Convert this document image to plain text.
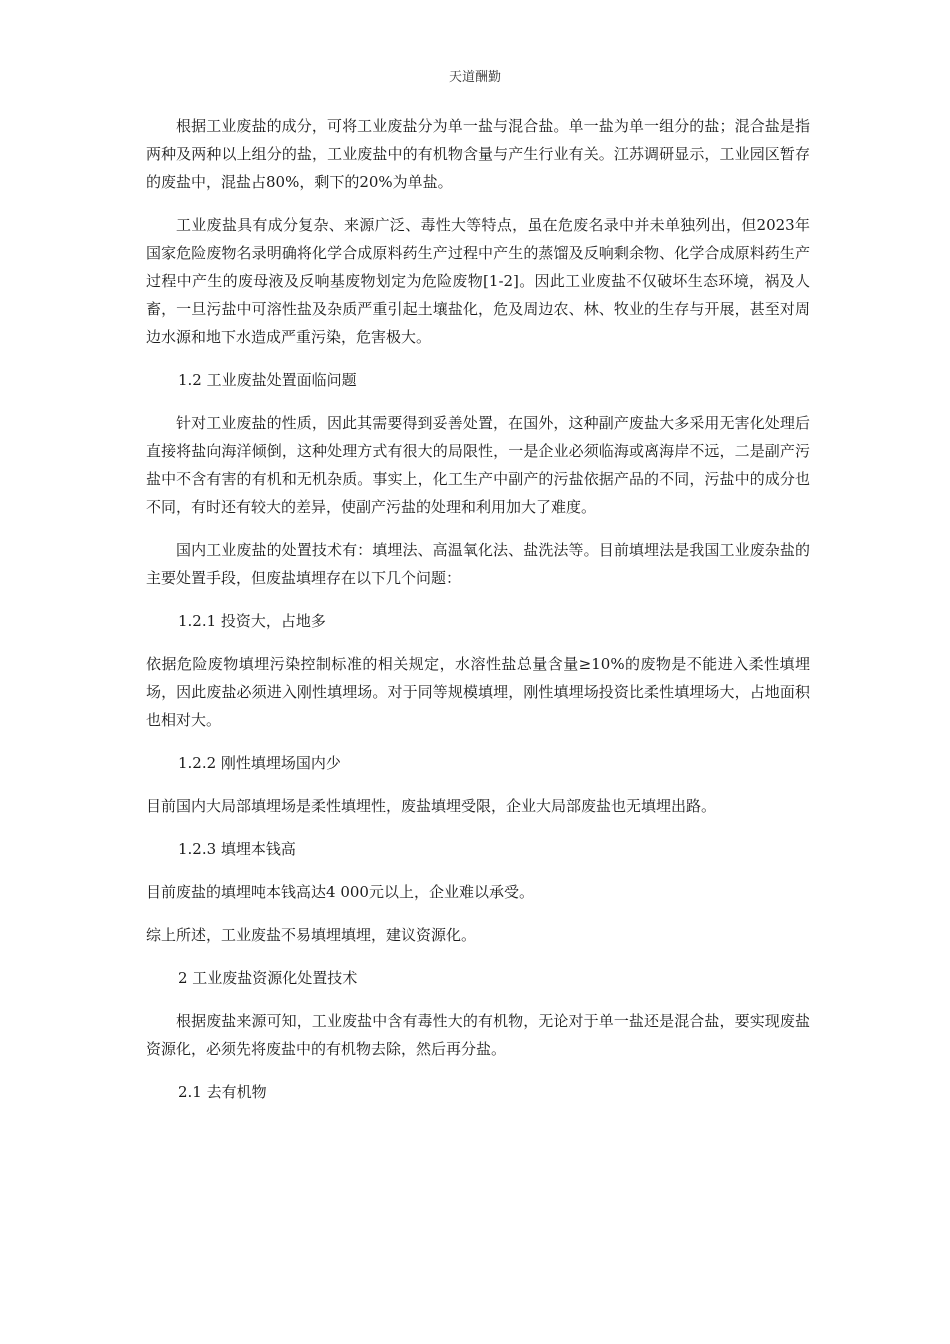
天道酬勤

根据工业废盐的成分，可将工业废盐分为单一盐与混合盐。单一盐为单一组分的盐；混合盐是指两种及两种以上组分的盐，工业废盐中的有机物含量与产生行业有关。江苏调研显示，工业园区暂存的废盐中，混盐占80%，剩下的20%为单盐。

工业废盐具有成分复杂、来源广泛、毒性大等特点，虽在危废名录中并未单独列出，但2023年国家危险废物名录明确将化学合成原料药生产过程中产生的蒸馏及反响剩余物、化学合成原料药生产过程中产生的废母液及反响基废物划定为危险废物[1-2]。因此工业废盐不仅破坏生态环境，祸及人畜，一旦污盐中可溶性盐及杂质严重引起土壤盐化，危及周边农、林、牧业的生存与开展，甚至对周边水源和地下水造成严重污染，危害极大。

1.2 工业废盐处置面临问题

针对工业废盐的性质，因此其需要得到妥善处置，在国外，这种副产废盐大多采用无害化处理后直接将盐向海洋倾倒，这种处理方式有很大的局限性，一是企业必须临海或离海岸不远，二是副产污盐中不含有害的有机和无机杂质。事实上，化工生产中副产的污盐依据产品的不同，污盐中的成分也不同，有时还有较大的差异，使副产污盐的处理和利用加大了难度。

国内工业废盐的处置技术有：填埋法、高温氧化法、盐洗法等。目前填埋法是我国工业废杂盐的主要处置手段，但废盐填埋存在以下几个问题：

1.2.1 投资大，占地多

依据危险废物填埋污染控制标准的相关规定，水溶性盐总量含量≥10%的废物是不能进入柔性填埋场，因此废盐必须进入刚性填埋场。对于同等规模填埋，刚性填埋场投资比柔性填埋场大，占地面积也相对大。

1.2.2 刚性填埋场国内少

目前国内大局部填埋场是柔性填埋性，废盐填埋受限，企业大局部废盐也无填埋出路。

1.2.3 填埋本钱高

目前废盐的填埋吨本钱高达4 000元以上，企业难以承受。

综上所述，工业废盐不易填埋填埋，建议资源化。

2 工业废盐资源化处置技术

根据废盐来源可知，工业废盐中含有毒性大的有机物，无论对于单一盐还是混合盐，要实现废盐资源化，必须先将废盐中的有机物去除，然后再分盐。

2.1 去有机物
